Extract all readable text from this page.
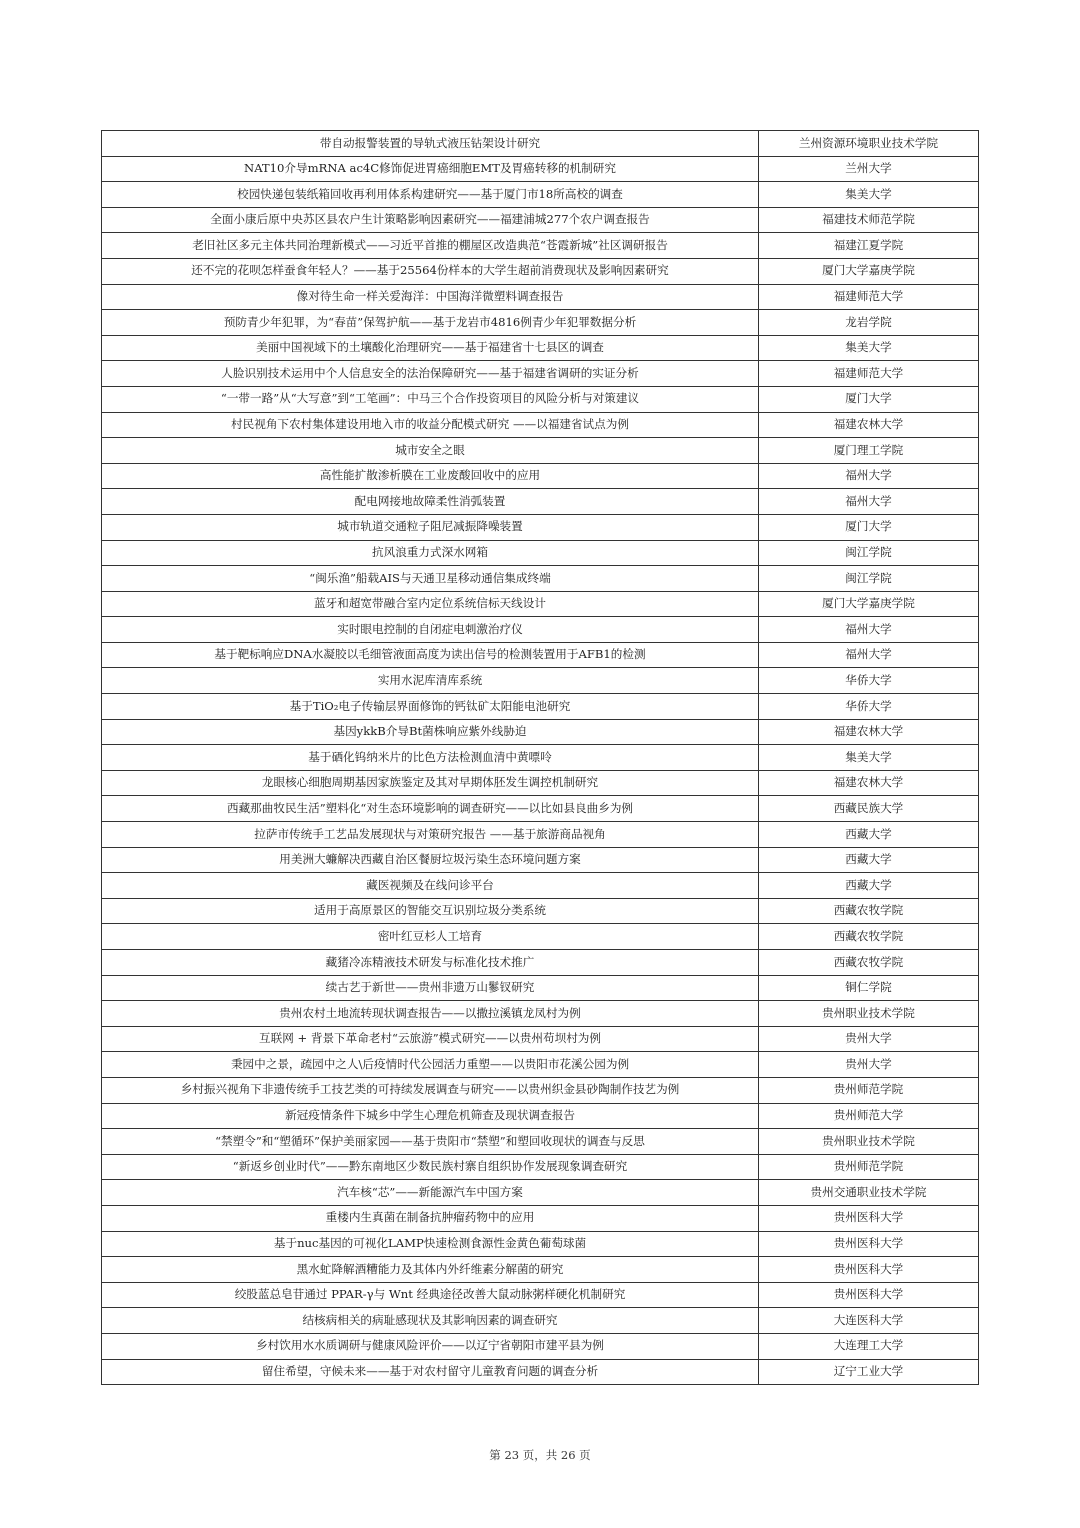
带自动报警装置的导轨式液压钻架设计研究	兰州资源环境职业技术学院
NAT10介导mRNA ac4C修饰促进胃癌细胞EMT及胃癌转移的机制研究	兰州大学
校园快递包装纸箱回收再利用体系构建研究——基于厦门市18所高校的调查	集美大学
全面小康后原中央苏区县农户生计策略影响因素研究——福建浦城277个农户调查报告	福建技术师范学院
老旧社区多元主体共同治理新模式——习近平首推的棚屋区改造典范“苍霞新城”社区调研报告	福建江夏学院
还不完的花呗怎样蚕食年轻人？——基于25564份样本的大学生超前消费现状及影响因素研究	厦门大学嘉庚学院
像对待生命一样关爱海洋：中国海洋微塑料调查报告	福建师范大学
预防青少年犯罪，为“春苗”保驾护航——基于龙岩市4816例青少年犯罪数据分析	龙岩学院
美丽中国视域下的土壤酸化治理研究——基于福建省十七县区的调查	集美大学
人脸识别技术运用中个人信息安全的法治保障研究——基于福建省调研的实证分析	福建师范大学
“一带一路”从“大写意”到“工笔画”：中马三个合作投资项目的风险分析与对策建议	厦门大学
村民视角下农村集体建设用地入市的收益分配模式研究 ——以福建省试点为例	福建农林大学
城市安全之眼	厦门理工学院
高性能扩散渗析膜在工业废酸回收中的应用	福州大学
配电网接地故障柔性消弧装置	福州大学
城市轨道交通粒子阻尼减振降噪装置	厦门大学
抗风浪重力式深水网箱	闽江学院
“闽乐渔”船载AIS与天通卫星移动通信集成终端	闽江学院
蓝牙和超宽带融合室内定位系统信标天线设计	厦门大学嘉庚学院
实时眼电控制的自闭症电刺激治疗仪	福州大学
基于靶标响应DNA水凝胶以毛细管液面高度为读出信号的检测装置用于AFB1的检测	福州大学
实用水泥库清库系统	华侨大学
基于TiO₂电子传输层界面修饰的钙钛矿太阳能电池研究	华侨大学
基因ykkB介导Bt菌株响应紫外线胁迫	福建农林大学
基于硒化钨纳米片的比色方法检测血清中黄嘌呤	集美大学
龙眼核心细胞周期基因家族鉴定及其对早期体胚发生调控机制研究	福建农林大学
西藏那曲牧民生活”塑料化“对生态环境影响的调查研究——以比如县良曲乡为例	西藏民族大学
拉萨市传统手工艺品发展现状与对策研究报告 ——基于旅游商品视角	西藏大学
用美洲大蠊解决西藏自治区餐厨垃圾污染生态环境问题方案	西藏大学
藏医视频及在线问诊平台	西藏大学
适用于高原景区的智能交互识别垃圾分类系统	西藏农牧学院
密叶红豆杉人工培育	西藏农牧学院
藏猪冷冻精液技术研发与标准化技术推广	西藏农牧学院
续古艺于新世——贵州非遗万山鬖钗研究	铜仁学院
贵州农村土地流转现状调查报告——以撒拉溪镇龙凤村为例	贵州职业技术学院
互联网 + 背景下革命老村“云旅游”模式研究——以贵州苟坝村为例	贵州大学
秉园中之景，疏园中之人\后疫情时代公园活力重塑——以贵阳市花溪公园为例	贵州大学
乡村振兴视角下非遗传统手工技艺类的可持续发展调查与研究——以贵州织金县砂陶制作技艺为例	贵州师范学院
新冠疫情条件下城乡中学生心理危机筛查及现状调查报告	贵州师范大学
“禁塑令”和“塑循环”保护美丽家园——基于贵阳市“禁塑”和塑回收现状的调查与反思	贵州职业技术学院
“新返乡创业时代”——黔东南地区少数民族村寨自组织协作发展现象调查研究	贵州师范学院
汽车核“芯”——新能源汽车中国方案	贵州交通职业技术学院
重楼内生真菌在制备抗肿瘤药物中的应用	贵州医科大学
基于nuc基因的可视化LAMP快速检测食源性金黄色葡萄球菌	贵州医科大学
黑水虻降解酒糟能力及其体内外纤维素分解菌的研究	贵州医科大学
绞股蓝总皂苷通过 PPAR-γ与 Wnt 经典途径改善大鼠动脉粥样硬化机制研究	贵州医科大学
结核病相关的病耻感现状及其影响因素的调查研究	大连医科大学
乡村饮用水水质调研与健康风险评价——以辽宁省朝阳市建平县为例	大连理工大学
留住希望，守候未来——基于对农村留守儿童教育问题的调查分析	辽宁工业大学
第 23 页，共 26 页
